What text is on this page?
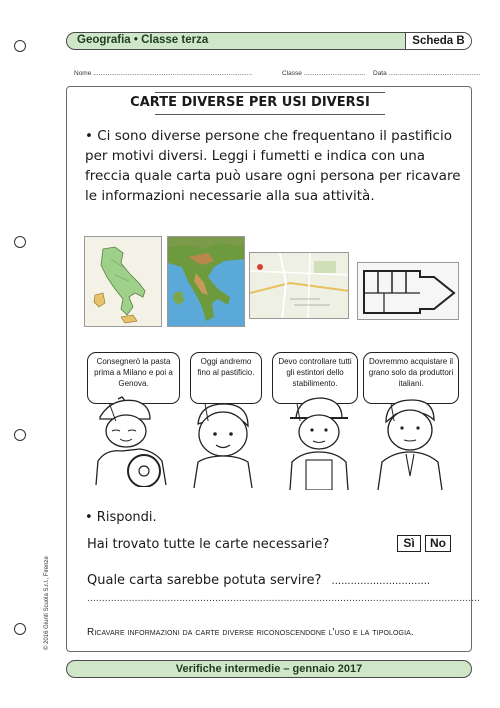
Geografia • Classe terza	Scheda B
Nome ........................................................................................	Classe .................................. Data ...................................................
CARTE DIVERSE PER USI DIVERSI
• Ci sono diverse persone che frequentano il pastificio per motivi diversi. Leggi i fumetti e indica con una freccia quale carta può usare ogni persona per ricavare le informazioni necessarie alla sua attività.
Consegnerò la pasta prima a Milano e poi a Genova.
Oggi andremo fino al pastificio.
Devo controllare tutti gli estintori dello stabilimento.
Dovremmo acquistare il grano solo da produttori italiani.
• Rispondi.
Hai trovato tutte le carte necessarie?	Sì	No
Quale carta sarebbe potuta servire? ...............................
....................................................................................................................................
Ricavare informazioni da carte diverse riconoscendone l'uso e la tipologia.
© 2016 Giunti Scuola S.r.l., Firenze
Verifiche intermedie – gennaio 2017
